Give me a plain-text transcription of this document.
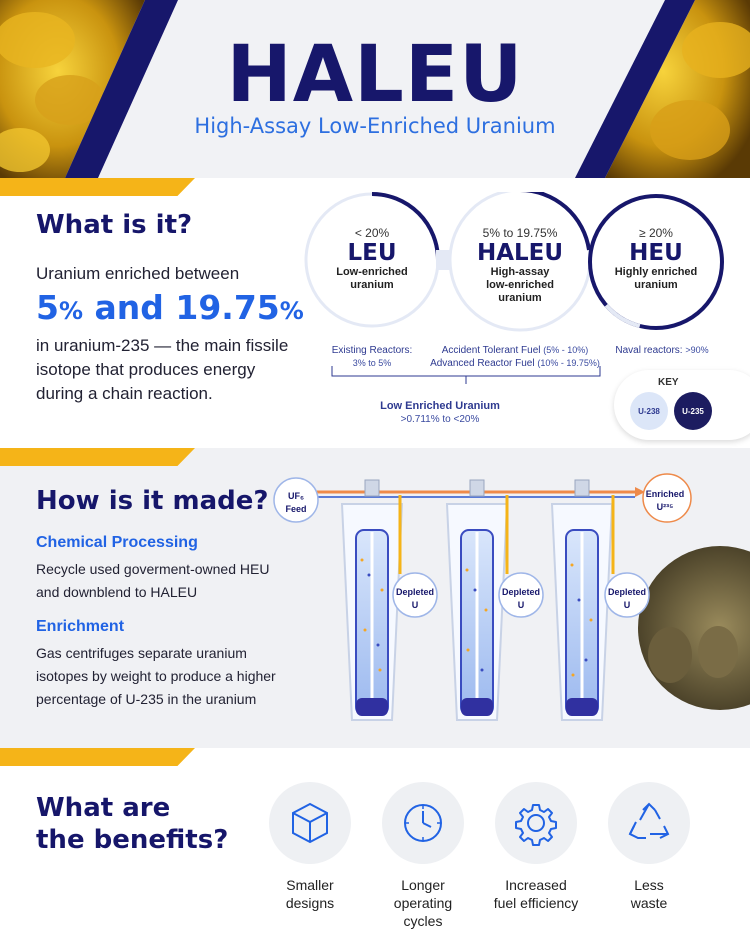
HALEU
High-Assay Low-Enriched Uranium
What is it?
Uranium enriched between
5% and 19.75%
in uranium-235 — the main fissile isotope that produces energy during a chain reaction.
< 20%
LEU
Low-enriched
uranium
5% to 19.75%
HALEU
High-assay
low-enriched
uranium
≥ 20%
HEU
Highly enriched
uranium
Existing Reactors:
3% to 5%
Accident Tolerant Fuel (5% - 10%)
Advanced Reactor Fuel (10% - 19.75%)
Naval reactors: >90%
Low Enriched Uranium
>0.711% to <20%
KEY
U-238	U-235
How is it made?
Chemical Processing
Recycle used goverment-owned HEU
and downblend to HALEU
Enrichment
Gas centrifuges separate uranium
isotopes by weight to produce a higher
percentage of U-235 in the uranium
UF₆
Feed
Depleted
U
Depleted
U
Depleted
U
Enriched
U²³⁵
What are
the benefits?
Smaller
designs
Longer
operating
cycles
Increased
fuel efficiency
Less
waste
